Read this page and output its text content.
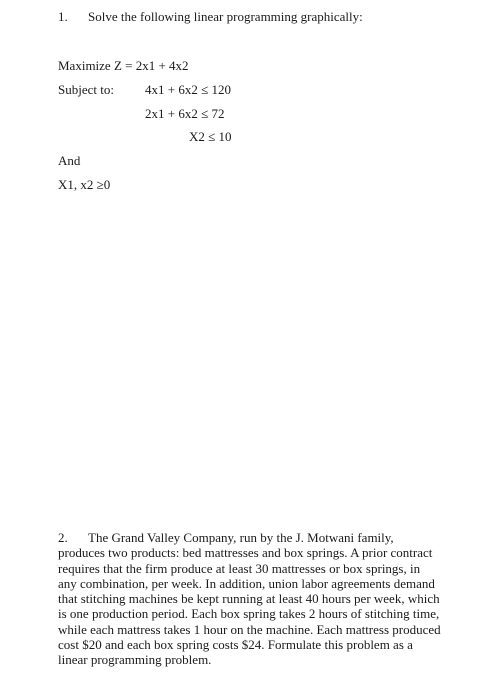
1. Solve the following linear programming graphically:
Maximize Z = 2x1 + 4x2
Subject to: 4x1 + 6x2 ≤ 120
2x1 + 6x2 ≤ 72
X2 ≤ 10
And
X1, x2 ≥0
2. The Grand Valley Company, run by the J. Motwani family, produces two products: bed mattresses and box springs. A prior contract requires that the firm produce at least 30 mattresses or box springs, in any combination, per week. In addition, union labor agreements demand that stitching machines be kept running at least 40 hours per week, which is one production period. Each box spring takes 2 hours of stitching time, while each mattress takes 1 hour on the machine. Each mattress produced cost $20 and each box spring costs $24. Formulate this problem as a linear programming problem.
